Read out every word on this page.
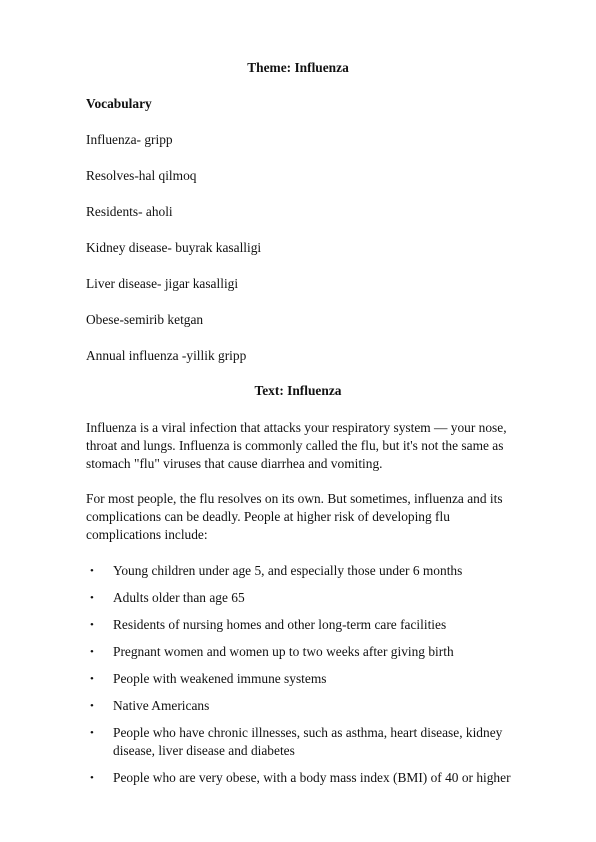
Theme: Influenza
Vocabulary
Influenza- gripp
Resolves-hal qilmoq
Residents- aholi
Kidney disease- buyrak kasalligi
Liver disease- jigar kasalligi
Obese-semirib ketgan
Annual influenza -yillik gripp
Text: Influenza

Influenza is a viral infection that attacks your respiratory system — your nose, throat and lungs. Influenza is commonly called the flu, but it's not the same as stomach "flu" viruses that cause diarrhea and vomiting.

For most people, the flu resolves on its own. But sometimes, influenza and its complications can be deadly. People at higher risk of developing flu complications include:

• Young children under age 5, and especially those under 6 months
• Adults older than age 65
• Residents of nursing homes and other long-term care facilities
• Pregnant women and women up to two weeks after giving birth
• People with weakened immune systems
• Native Americans
• People who have chronic illnesses, such as asthma, heart disease, kidney disease, liver disease and diabetes
• People who are very obese, with a body mass index (BMI) of 40 or higher
